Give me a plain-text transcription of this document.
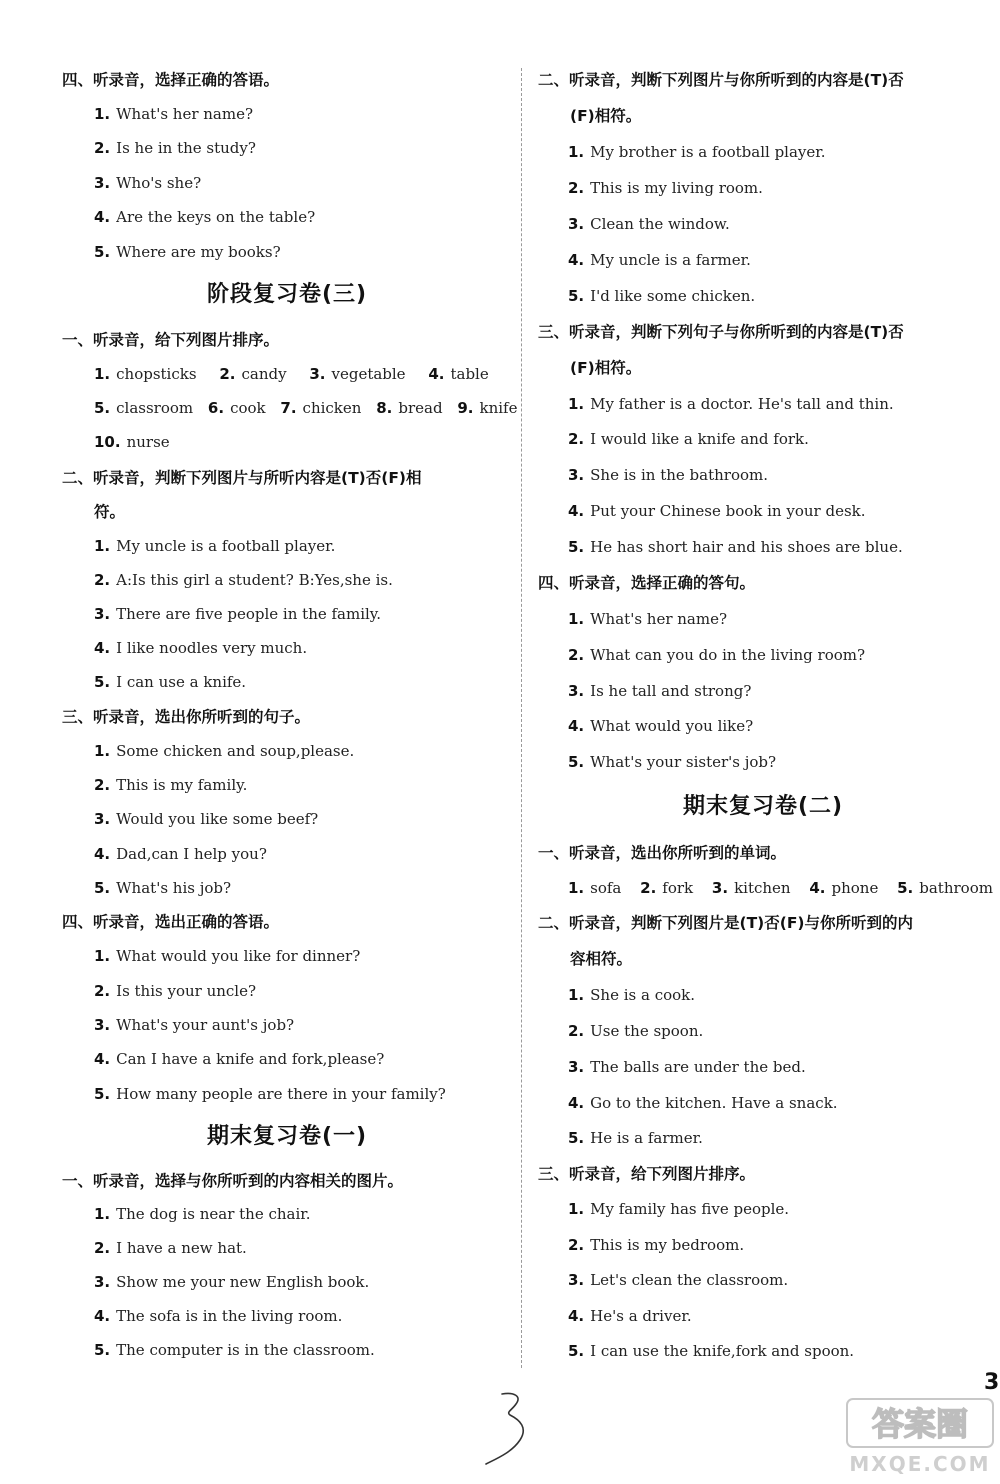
四、听录音，选择正确的答语。
1. What's her name?
2. Is he in the study?
3. Who's she?
4. Are the keys on the table?
5. Where are my books?
阶段复习卷(三)
一、听录音，给下列图片排序。
1. chopsticks 2. candy 3. vegetable 4. table
5. classroom 6. cook 7. chicken 8. bread 9. knife
10. nurse
二、听录音，判断下列图片与所听内容是(T)否(F)相
符。
1. My uncle is a football player.
2. A:Is this girl a student? B:Yes,she is.
3. There are five people in the family.
4. I like noodles very much.
5. I can use a knife.
三、听录音，选出你所听到的句子。
1. Some chicken and soup,please.
2. This is my family.
3. Would you like some beef?
4. Dad,can I help you?
5. What's his job?
四、听录音，选出正确的答语。
1. What would you like for dinner?
2. Is this your uncle?
3. What's your aunt's job?
4. Can I have a knife and fork,please?
5. How many people are there in your family?
期末复习卷(一)
一、听录音，选择与你所听到的内容相关的图片。
1. The dog is near the chair.
2. I have a new hat.
3. Show me your new English book.
4. The sofa is in the living room.
5. The computer is in the classroom.
二、听录音，判断下列图片与你所听到的内容是(T)否
(F)相符。
1. My brother is a football player.
2. This is my living room.
3. Clean the window.
4. My uncle is a farmer.
5. I'd like some chicken.
三、听录音，判断下列句子与你所听到的内容是(T)否
(F)相符。
1. My father is a doctor. He's tall and thin.
2. I would like a knife and fork.
3. She is in the bathroom.
4. Put your Chinese book in your desk.
5. He has short hair and his shoes are blue.
四、听录音，选择正确的答句。
1. What's her name?
2. What can you do in the living room?
3. Is he tall and strong?
4. What would you like?
5. What's your sister's job?
期末复习卷(二)
一、听录音，选出你所听到的单词。
1. sofa 2. fork 3. kitchen 4. phone 5. bathroom
二、听录音，判断下列图片是(T)否(F)与你所听到的内
容相符。
1. She is a cook.
2. Use the spoon.
3. The balls are under the bed.
4. Go to the kitchen. Have a snack.
5. He is a farmer.
三、听录音，给下列图片排序。
1. My family has five people.
2. This is my bedroom.
3. Let's clean the classroom.
4. He's a driver.
5. I can use the knife,fork and spoon.
3
答案圈
MXQE.COM
